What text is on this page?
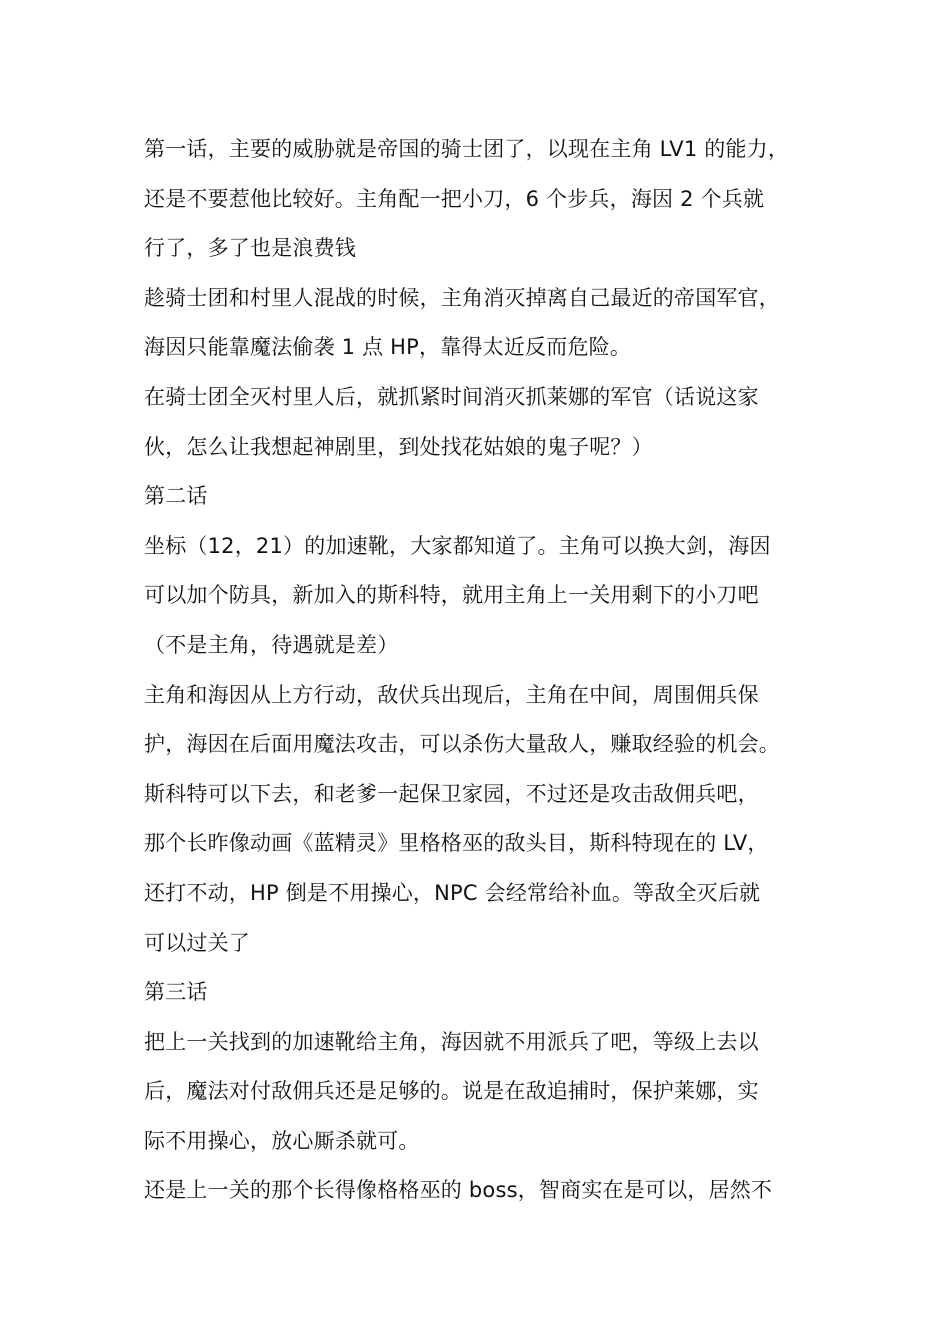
第一话，主要的威胁就是帝国的骑士团了，以现在主角 LV1 的能力，
还是不要惹他比较好。主角配一把小刀，6 个步兵，海因 2 个兵就
行了，多了也是浪费钱
趁骑士团和村里人混战的时候，主角消灭掉离自己最近的帝国军官，
海因只能靠魔法偷袭 1 点 HP，靠得太近反而危险。
在骑士团全灭村里人后，就抓紧时间消灭抓莱娜的军官（话说这家
伙，怎么让我想起神剧里，到处找花姑娘的鬼子呢？）
第二话
坐标（12，21）的加速靴，大家都知道了。主角可以换大剑，海因
可以加个防具，新加入的斯科特，就用主角上一关用剩下的小刀吧
（不是主角，待遇就是差）
主角和海因从上方行动，敌伏兵出现后，主角在中间，周围佣兵保
护，海因在后面用魔法攻击，可以杀伤大量敌人，赚取经验的机会。
斯科特可以下去，和老爹一起保卫家园，不过还是攻击敌佣兵吧，
那个长昨像动画《蓝精灵》里格格巫的敌头目，斯科特现在的 LV，
还打不动，HP 倒是不用操心，NPC 会经常给补血。等敌全灭后就
可以过关了
第三话
把上一关找到的加速靴给主角，海因就不用派兵了吧，等级上去以
后，魔法对付敌佣兵还是足够的。说是在敌追捕时，保护莱娜，实
际不用操心，放心厮杀就可。
还是上一关的那个长得像格格巫的 boss，智商实在是可以，居然不
